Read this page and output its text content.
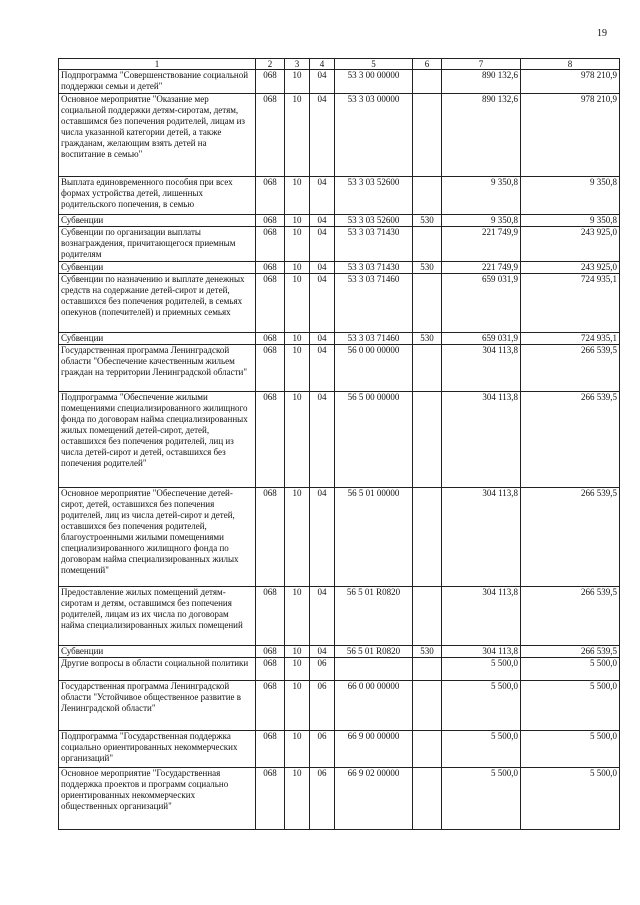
19
1	2	3	4	5	6	7	8
Подпрограмма "Совершенствование социальной поддержки семьи и детей"	068	10	04	53 3 00 00000		890 132,6	978 210,9
Основное мероприятие "Оказание мер социальной поддержки детям-сиротам, детям, оставшимся без попечения родителей, лицам из числа указанной категории детей, а также гражданам, желающим взять детей на воспитание в семью"	068	10	04	53 3 03 00000		890 132,6	978 210,9
Выплата единовременного пособия при всех формах устройства детей, лишенных родительского попечения, в семью	068	10	04	53 3 03 52600		9 350,8	9 350,8
Субвенции	068	10	04	53 3 03 52600	530	9 350,8	9 350,8
Субвенции по организации выплаты вознаграждения, причитающегося приемным родителям	068	10	04	53 3 03 71430		221 749,9	243 925,0
Субвенции	068	10	04	53 3 03 71430	530	221 749,9	243 925,0
Субвенции по назначению и выплате денежных средств на содержание детей-сирот и детей, оставшихся без попечения родителей, в семьях опекунов (попечителей) и приемных семьях	068	10	04	53 3 03 71460		659 031,9	724 935,1
Субвенции	068	10	04	53 3 03 71460	530	659 031,9	724 935,1
Государственная программа Ленинградской области "Обеспечение качественным жильем граждан на территории Ленинградской области"	068	10	04	56 0 00 00000		304 113,8	266 539,5
Подпрограмма "Обеспечение жилыми помещениями специализированного жилищного фонда по договорам найма специализированных жилых помещений детей-сирот, детей, оставшихся без попечения родителей, лиц из числа детей-сирот и детей, оставшихся без попечения родителей"	068	10	04	56 5 00 00000		304 113,8	266 539,5
Основное мероприятие "Обеспечение детей-сирот, детей, оставшихся без попечения родителей, лиц из числа детей-сирот и детей, оставшихся без попечения родителей, благоустроенными жилыми помещениями специализированного жилищного фонда по договорам найма специализированных жилых помещений"	068	10	04	56 5 01 00000		304 113,8	266 539,5
Предоставление жилых помещений детям-сиротам и детям, оставшимся без попечения родителей, лицам из их числа по договорам найма специализированных жилых помещений	068	10	04	56 5 01 R0820		304 113,8	266 539,5
Субвенции	068	10	04	56 5 01 R0820	530	304 113,8	266 539,5
Другие вопросы в области социальной политики	068	10	06			5 500,0	5 500,0
Государственная программа Ленинградской области "Устойчивое общественное развитие в Ленинградской области"	068	10	06	66 0 00 00000		5 500,0	5 500,0
Подпрограмма "Государственная поддержка социально ориентированных некоммерческих организаций"	068	10	06	66 9 00 00000		5 500,0	5 500,0
Основное мероприятие "Государственная поддержка проектов и программ социально ориентированных некоммерческих общественных организаций"	068	10	06	66 9 02 00000		5 500,0	5 500,0
